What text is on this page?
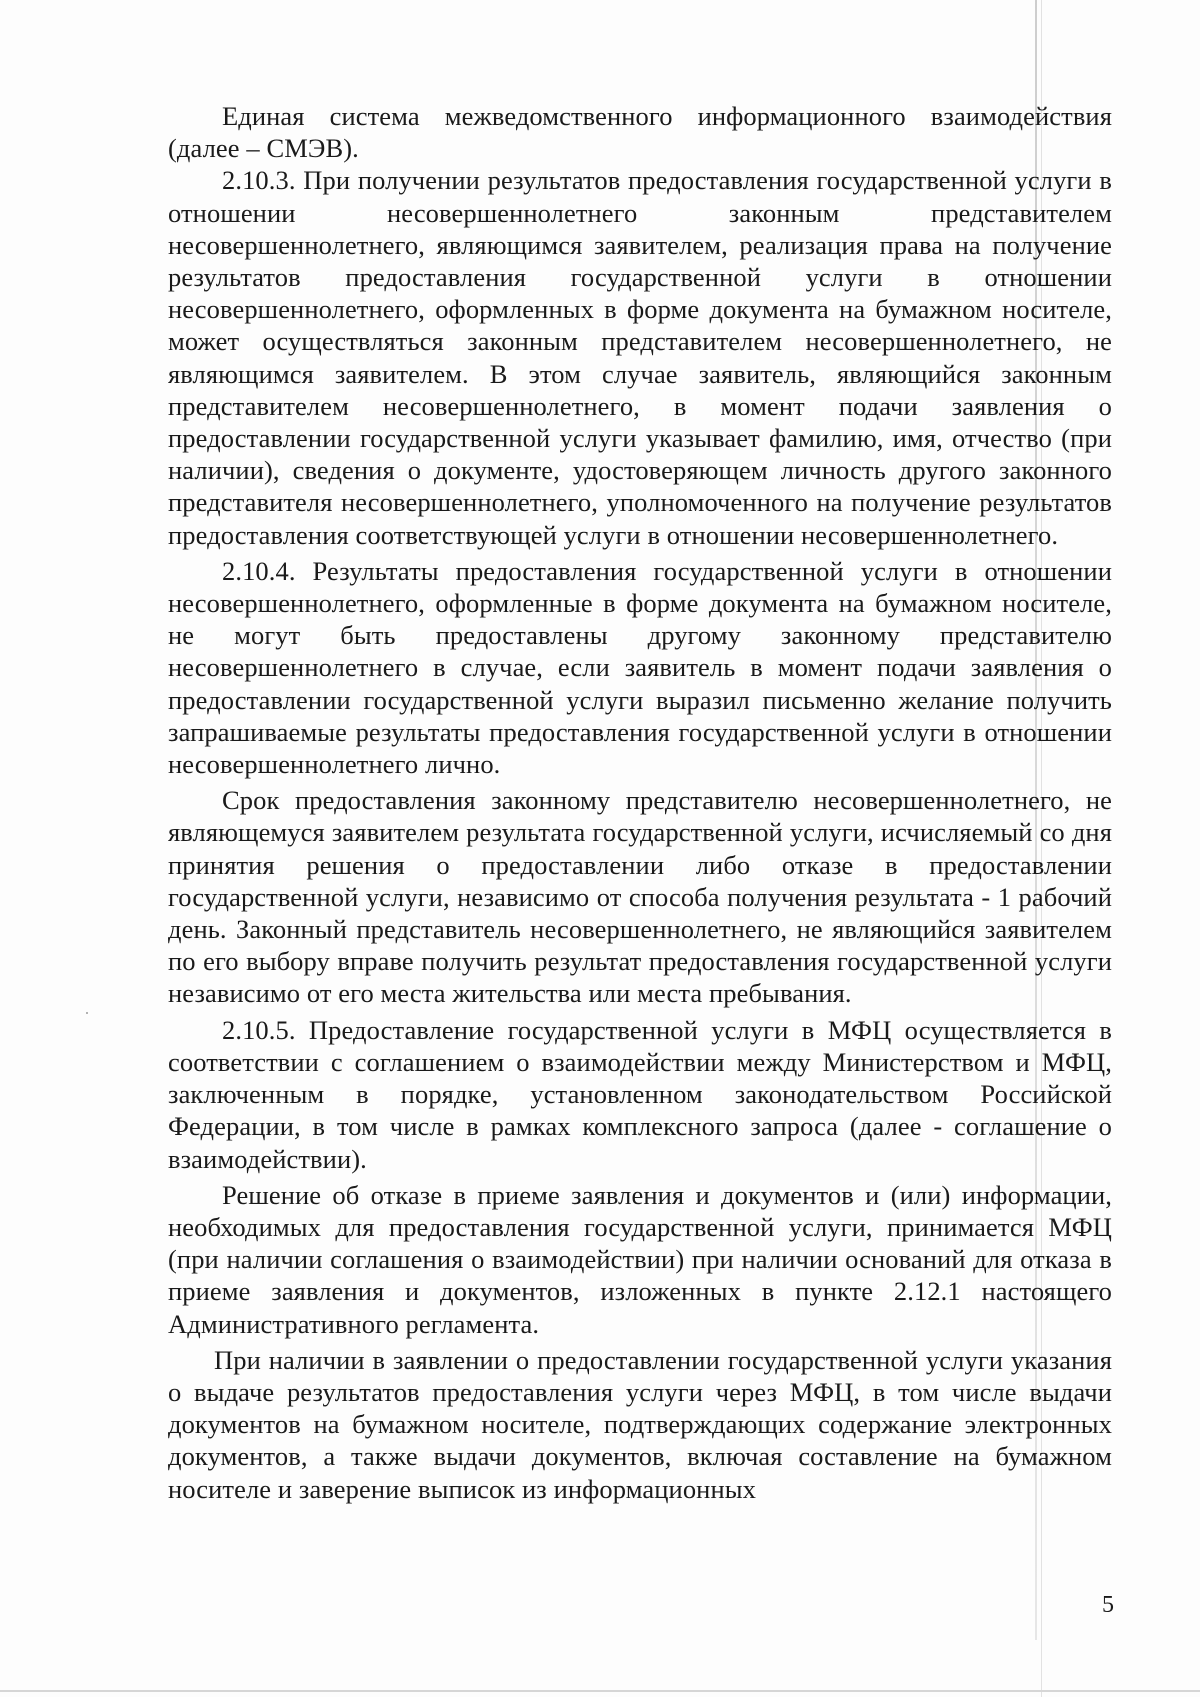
Единая система межведомственного информационного взаимодействия (далее – СМЭВ).

2.10.3. При получении результатов предоставления государственной услуги в отношении несовершеннолетнего законным представителем несовершеннолетнего, являющимся заявителем, реализация права на получение результатов предоставления государственной услуги в отношении несовершеннолетнего, оформленных в форме документа на бумажном носителе, может осуществляться законным представителем несовершеннолетнего, не являющимся заявителем. В этом случае заявитель, являющийся законным представителем несовершеннолетнего, в момент подачи заявления о предоставлении государственной услуги указывает фамилию, имя, отчество (при наличии), сведения о документе, удостоверяющем личность другого законного представителя несовершеннолетнего, уполномоченного на получение результатов предоставления соответствующей услуги в отношении несовершеннолетнего.

2.10.4. Результаты предоставления государственной услуги в отношении несовершеннолетнего, оформленные в форме документа на бумажном носителе, не могут быть предоставлены другому законному представителю несовершеннолетнего в случае, если заявитель в момент подачи заявления о предоставлении государственной услуги выразил письменно желание получить запрашиваемые результаты предоставления государственной услуги в отношении несовершеннолетнего лично.

Срок предоставления законному представителю несовершеннолетнего, не являющемуся заявителем результата государственной услуги, исчисляемый со дня принятия решения о предоставлении либо отказе в предоставлении государственной услуги, независимо от способа получения результата - 1 рабочий день. Законный представитель несовершеннолетнего, не являющийся заявителем по его выбору вправе получить результат предоставления государственной услуги независимо от его места жительства или места пребывания.

2.10.5. Предоставление государственной услуги в МФЦ осуществляется в соответствии с соглашением о взаимодействии между Министерством и МФЦ, заключенным в порядке, установленном законодательством Российской Федерации, в том числе в рамках комплексного запроса (далее - соглашение о взаимодействии).

Решение об отказе в приеме заявления и документов и (или) информации, необходимых для предоставления государственной услуги, принимается МФЦ (при наличии соглашения о взаимодействии) при наличии оснований для отказа в приеме заявления и документов, изложенных в пункте 2.12.1 настоящего Административного регламента.

При наличии в заявлении о предоставлении государственной услуги указания о выдаче результатов предоставления услуги через МФЦ, в том числе выдачи документов на бумажном носителе, подтверждающих содержание электронных документов, а также выдачи документов, включая составление на бумажном носителе и заверение выписок из информационных

5
